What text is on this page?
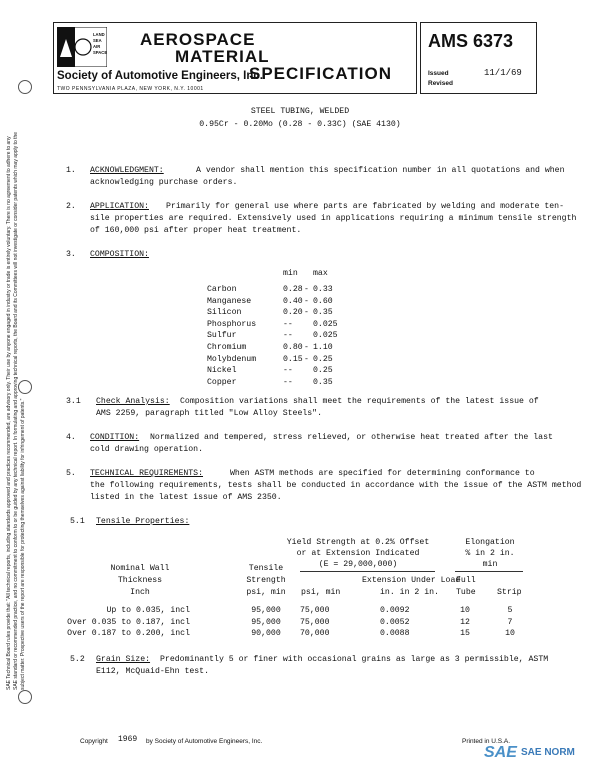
LAND
SEA
AIR
SPACE
AEROSPACE
MATERIAL
SPECIFICATION
Society of Automotive Engineers, Inc.
TWO PENNSYLVANIA PLAZA, NEW YORK, N.Y. 10001
AMS 6373
Issued
Revised
11/1/69
SAE Technical Board rules provide that: "All technical reports, including standards approved and practices recommended, are advisory only. Their use by anyone engaged in industry or trade is entirely voluntary. There is no agreement to adhere to any SAE standard or recommended practice, and no commitment to conform to or be guided by any technical report. In formulating and approving technical reports, the Board and its Committees will not investigate or consider patents which may apply to the subject matter. Prospective users of the report are responsible for protecting themselves against liability for infringement of patents."
STEEL TUBING, WELDED
0.95Cr - 0.20Mo (0.28 - 0.33C) (SAE 4130)
1. ACKNOWLEDGMENT:	A vendor shall mention this specification number in all quotations and when
acknowledging purchase orders.
2. APPLICATION: Primarily for general use where parts are fabricated by welding and moderate ten-
sile properties are required. Extensively used in applications requiring a minimum tensile strength
of 160,000 psi after proper heat treatment.
3. COMPOSITION:
min max
Carbon	0.28 - 0.33
Manganese	0.40 - 0.60
Silicon	0.20 - 0.35
Phosphorus	-- 0.025
Sulfur	-- 0.025
Chromium	0.80 - 1.10
Molybdenum	0.15 - 0.25
Nickel	-- 0.25
Copper	-- 0.35
3.1 Check Analysis: Composition variations shall meet the requirements of the latest issue of
AMS 2259, paragraph titled "Low Alloy Steels".
4. CONDITION: Normalized and tempered, stress relieved, or otherwise heat treated after the last
cold drawing operation.
5. TECHNICAL REQUIREMENTS:	When ASTM methods are specified for determining conformance to
the following requirements, tests shall be conducted in accordance with the issue of the ASTM method
listed in the latest issue of AMS 2350.
5.1 Tensile Properties:
Yield Strength at 0.2% Offset
or at Extension Indicated
(E = 29,000,000)
Elongation
% in 2 in.
min
Nominal Wall
Thickness
Inch
Tensile
Strength
psi, min	psi, min
Extension Under Load
in. in 2 in.
Full
Tube	Strip
Up to 0.035, incl	95,000	75,000	0.0092	10	5
Over 0.035 to 0.187, incl	95,000	75,000	0.0052	12	7
Over 0.187 to 0.200, incl	90,000	70,000	0.0088	15	10
5.2 Grain Size: Predominantly 5 or finer with occasional grains as large as 3 permissible, ASTM
E112, McQuaid-Ehn test.
Copyright 1969 by Society of Automotive Engineers, Inc.	Printed in U.S.A.
SAE SAE NORM
